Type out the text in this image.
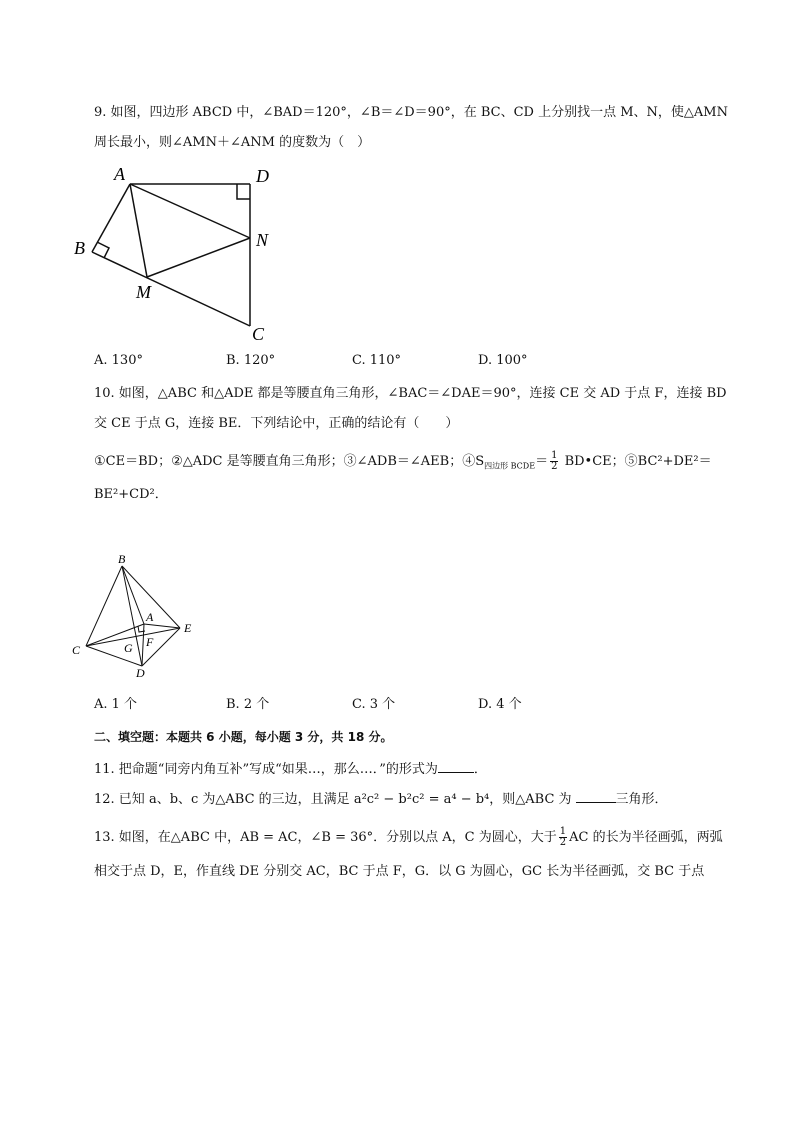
9. 如图，四边形 ABCD 中，∠BAD＝120°，∠B＝∠D＝90°，在 BC、CD 上分别找一点 M、N，使△AMN
周长最小，则∠AMN＋∠ANM 的度数为（　）
A	D
B	N
M
C
A. 130°	B. 120°	C. 110°	D. 100°
10. 如图，△ABC 和△ADE 都是等腰直角三角形，∠BAC＝∠DAE＝90°，连接 CE 交 AD 于点 F，连接 BD
交 CE 于点 G，连接 BE．下列结论中，正确的结论有（　　）
①CE＝BD；②△ADC 是等腰直角三角形；③∠ADB＝∠AEB；$④S_{四边形 BCDE}= \frac{1}{2}$ BD•CE；⑤BC²+DE²＝
BE²+CD²．
B
A
E
C	G F
D
A. 1 个	B. 2 个	C. 3 个	D. 4 个
二、填空题：本题共 6 小题，每小题 3 分，共 18 分。
11. 把命题“同旁内角互补”写成“如果…，那么…．”的形式为	．
12. 已知 a、b、c 为△ABC 的三边，且满足 a²c² − b²c² = a⁴ − b⁴，则△ABC 为	三角形．
13. 如图，在△ABC 中，AB = AC，∠B = 36°．分别以点 A，C 为圆心，大于 $\frac{1}{2}$ AC 的长为半径画弧，两弧
相交于点 D，E，作直线 DE 分别交 AC，BC 于点 F，G．以 G 为圆心，GC 长为半径画弧，交 BC 于点
